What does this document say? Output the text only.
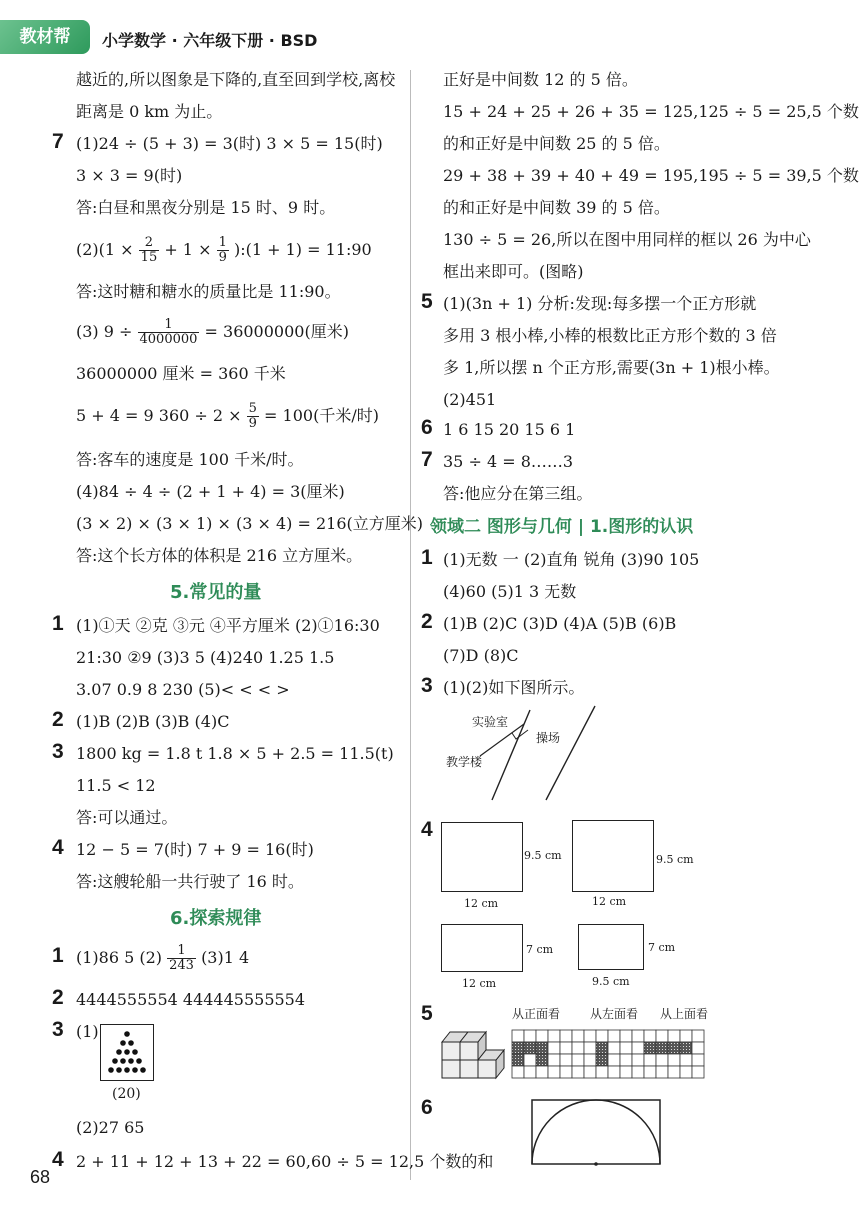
教材帮	小学数学 · 六年级下册 · BSD
越近的,所以图象是下降的,直至回到学校,离校
距离是 0 km 为止。
7 (1)24 ÷ (5 + 3) = 3(时) 3 × 5 = 15(时)
3 × 3 = 9(时)
答:白昼和黑夜分别是 15 时、9 时。
$(2)(1 \times \frac{2}{15} + 1 \times \frac{1}{9}$ ):(1 + 1) = 11:90
答:这时糖和糖水的质量比是 11:90。
(3) $9 \div \frac{1}{4000000} = 36000000$(厘米)
36000000 厘米 = 360 千米
5 + 4 = 9 $360 \div 2 \times \frac{5}{9} = 100$(千米/时)
答:客车的速度是 100 千米/时。
(4)84 ÷ 4 ÷ (2 + 1 + 4) = 3(厘米)
(3 × 2) × (3 × 1) × (3 × 4) = 216(立方厘米)
答:这个长方体的体积是 216 立方厘米。
5.常见的量
1 (1)①天 ②克 ③元 ④平方厘米 (2)①16:30
21:30 ②9 (3)3 5 (4)240 1.25 1.5
3.07 0.9 8 230 (5)< < < >
2 (1)B (2)B (3)B (4)C
3 1800 kg = 1.8 t 1.8 × 5 + 2.5 = 11.5(t)
11.5 < 12
答:可以通过。
4 12 − 5 = 7(时) 7 + 9 = 16(时)
答:这艘轮船一共行驶了 16 时。
6.探索规律
1 (1)86 5 $(2) \frac{1}{243} (3)1$ 4
2 4444555554 444445555554
3 (1)
(20)
(2)27 65
4 2 + 11 + 12 + 13 + 22 = 60,60 ÷ 5 = 12,5 个数的和
68
正好是中间数 12 的 5 倍。
15 + 24 + 25 + 26 + 35 = 125,125 ÷ 5 = 25,5 个数
的和正好是中间数 25 的 5 倍。
29 + 38 + 39 + 40 + 49 = 195,195 ÷ 5 = 39,5 个数
的和正好是中间数 39 的 5 倍。
130 ÷ 5 = 26,所以在图中用同样的框以 26 为中心
框出来即可。(图略)
5 (1)(3n + 1) 分析:发现:每多摆一个正方形就
多用 3 根小棒,小棒的根数比正方形个数的 3 倍
多 1,所以摆 n 个正方形,需要(3n + 1)根小棒。
(2)451
6 1 6 15 20 15 6 1
7 35 ÷ 4 = 8……3
答:他应分在第三组。
领域二 图形与几何 | 1.图形的认识
1 (1)无数 一 (2)直角 锐角 (3)90 105
(4)60 (5)1 3 无数
2 (1)B (2)C (3)D (4)A (5)B (6)B
(7)D (8)C
3 (1)(2)如下图所示。
实验室
操场
教学楼
4
9.5 cm
12 cm
9.5 cm
12 cm
7 cm
12 cm
7 cm
9.5 cm
5	从正面看 从左面看 从上面看
6
